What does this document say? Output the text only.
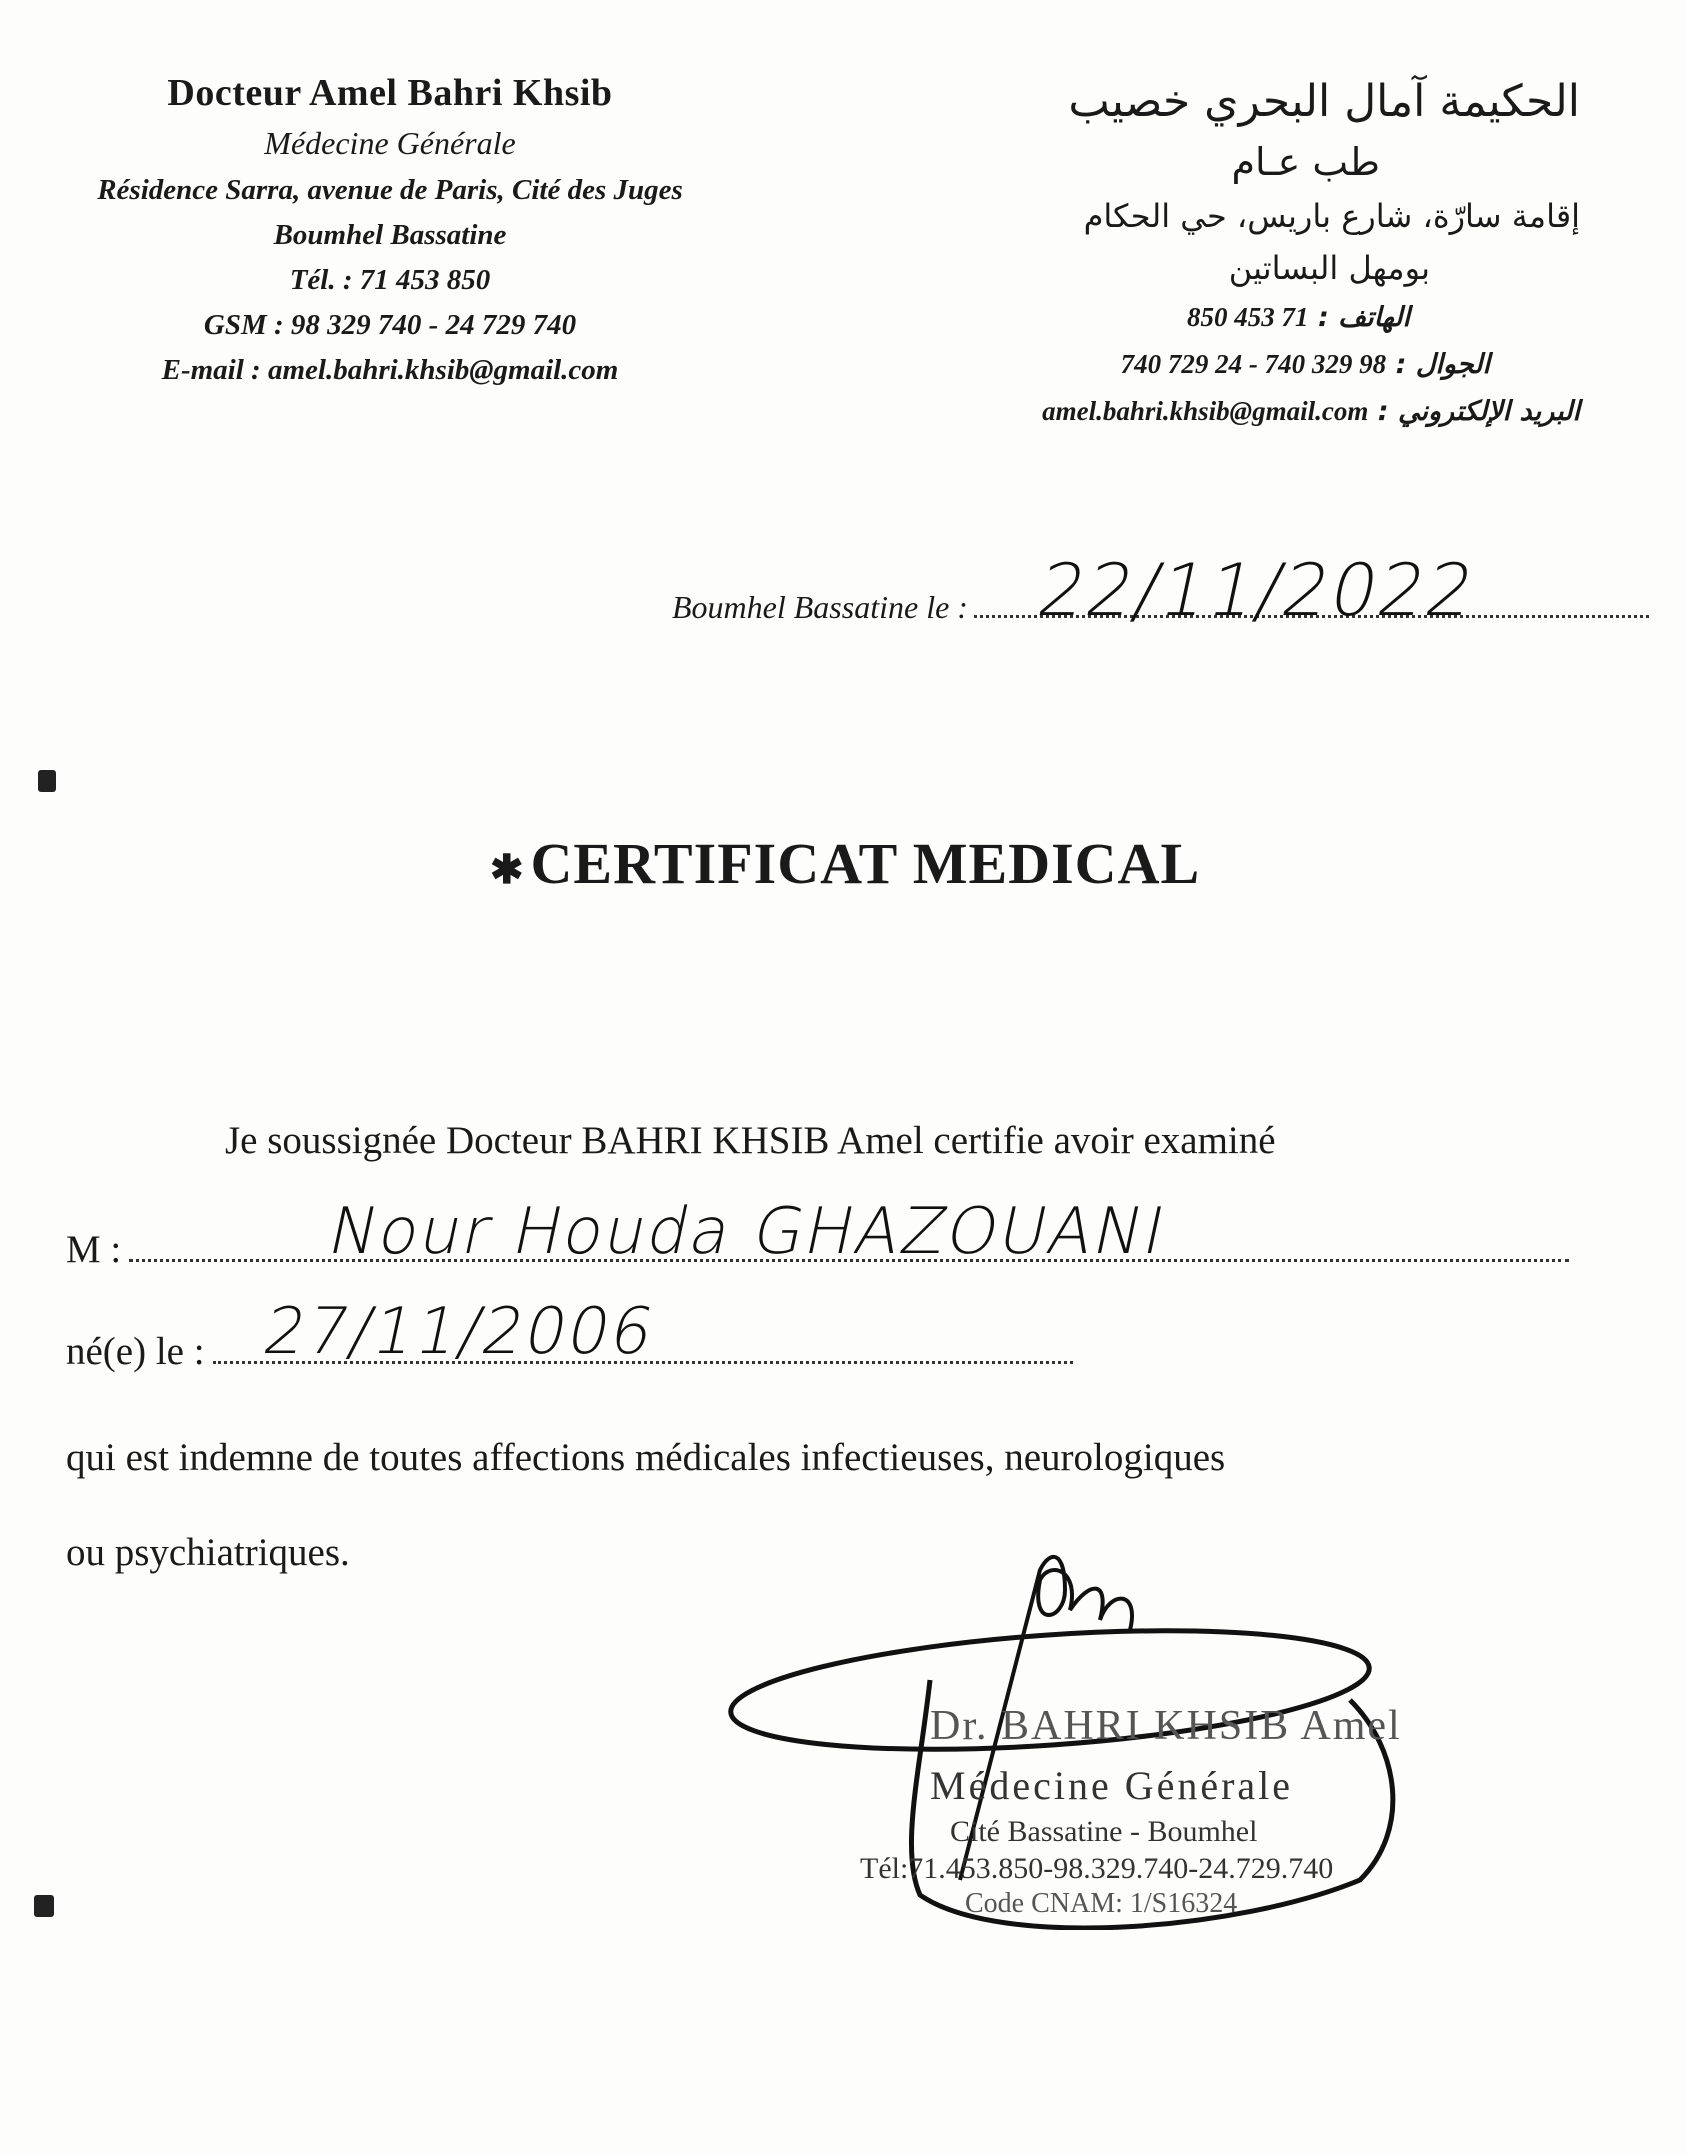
Docteur Amel Bahri Khsib
Médecine Générale
Résidence Sarra, avenue de Paris, Cité des Juges
Boumhel Bassatine
Tél. : 71 453 850
GSM : 98 329 740 - 24 729 740
E-mail : amel.bahri.khsib@gmail.com
الحكيمة آمال البحري خصيب
طب عـام
إقامة سارّة، شارع باريس، حي الحكام
بومهل البساتين
الهاتف : 71 453 850
الجوال : 98 329 740 - 24 729 740
البريد الإلكتروني : amel.bahri.khsib@gmail.com
Boumhel Bassatine le : 22/11/2022
✱ CERTIFICAT MEDICAL
Je soussignée Docteur BAHRI KHSIB Amel certifie avoir examiné
M :	Nour Houda GHAZOUANI
né(e) le : 27/11/2006
qui est indemne de toutes affections médicales infectieuses, neurologiques
ou psychiatriques.
Dr. BAHRI KHSIB Amel
Médecine Générale
Cité Bassatine - Boumhel
Tél:71.453.850-98.329.740-24.729.740
Code CNAM: 1/S16324
